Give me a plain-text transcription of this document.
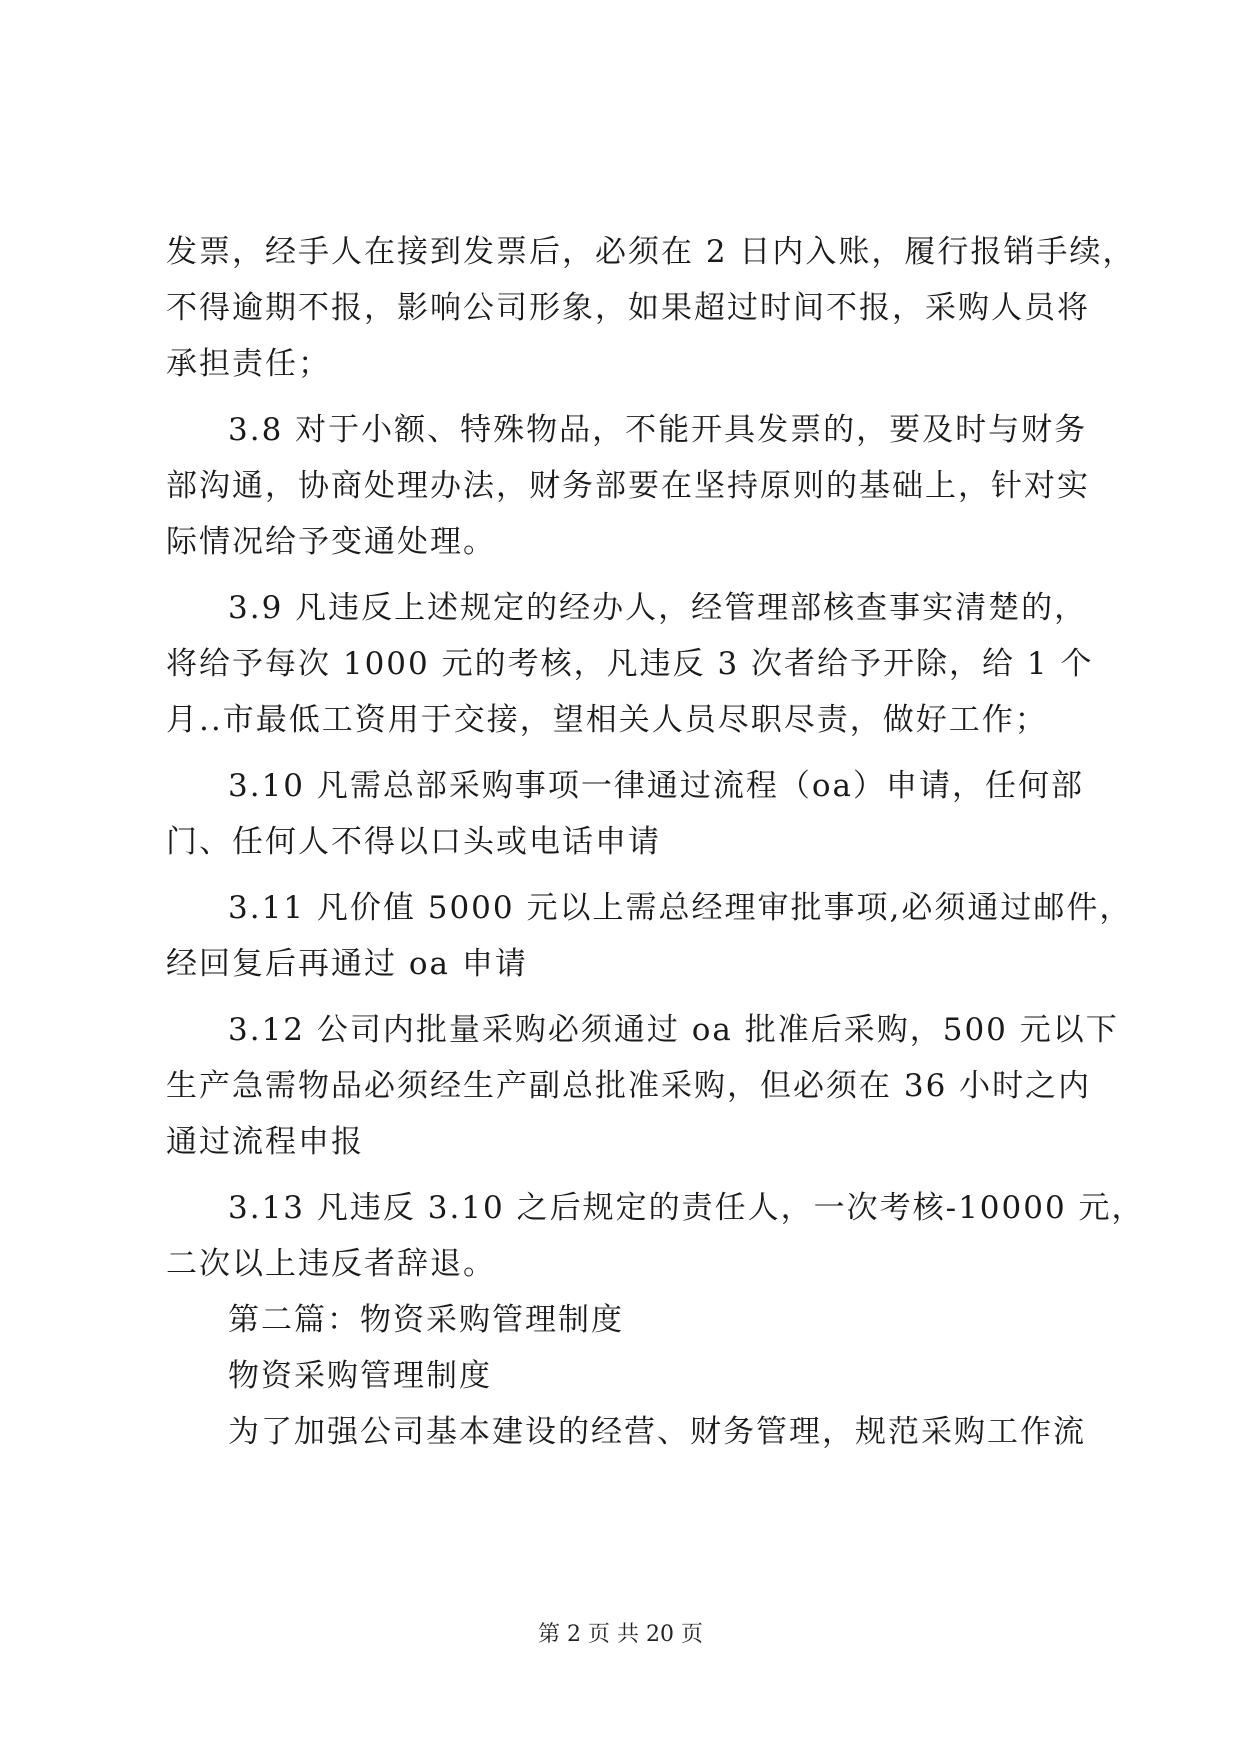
发票，经手人在接到发票后，必须在 2 日内入账，履行报销手续，
不得逾期不报，影响公司形象，如果超过时间不报，采购人员将
承担责任；
3.8 对于小额、特殊物品，不能开具发票的，要及时与财务
部沟通，协商处理办法，财务部要在坚持原则的基础上，针对实
际情况给予变通处理。
3.9 凡违反上述规定的经办人，经管理部核查事实清楚的，
将给予每次 1000 元的考核，凡违反 3 次者给予开除，给 1 个
月..市最低工资用于交接，望相关人员尽职尽责，做好工作；
3.10 凡需总部采购事项一律通过流程（oa）申请，任何部
门、任何人不得以口头或电话申请
3.11 凡价值 5000 元以上需总经理审批事项,必须通过邮件，
经回复后再通过 oa 申请
3.12 公司内批量采购必须通过 oa 批准后采购，500 元以下
生产急需物品必须经生产副总批准采购，但必须在 36 小时之内
通过流程申报
3.13 凡违反 3.10 之后规定的责任人，一次考核-10000 元，
二次以上违反者辞退。
第二篇：物资采购管理制度
物资采购管理制度
为了加强公司基本建设的经营、财务管理，规范采购工作流
第 2 页 共 20 页
